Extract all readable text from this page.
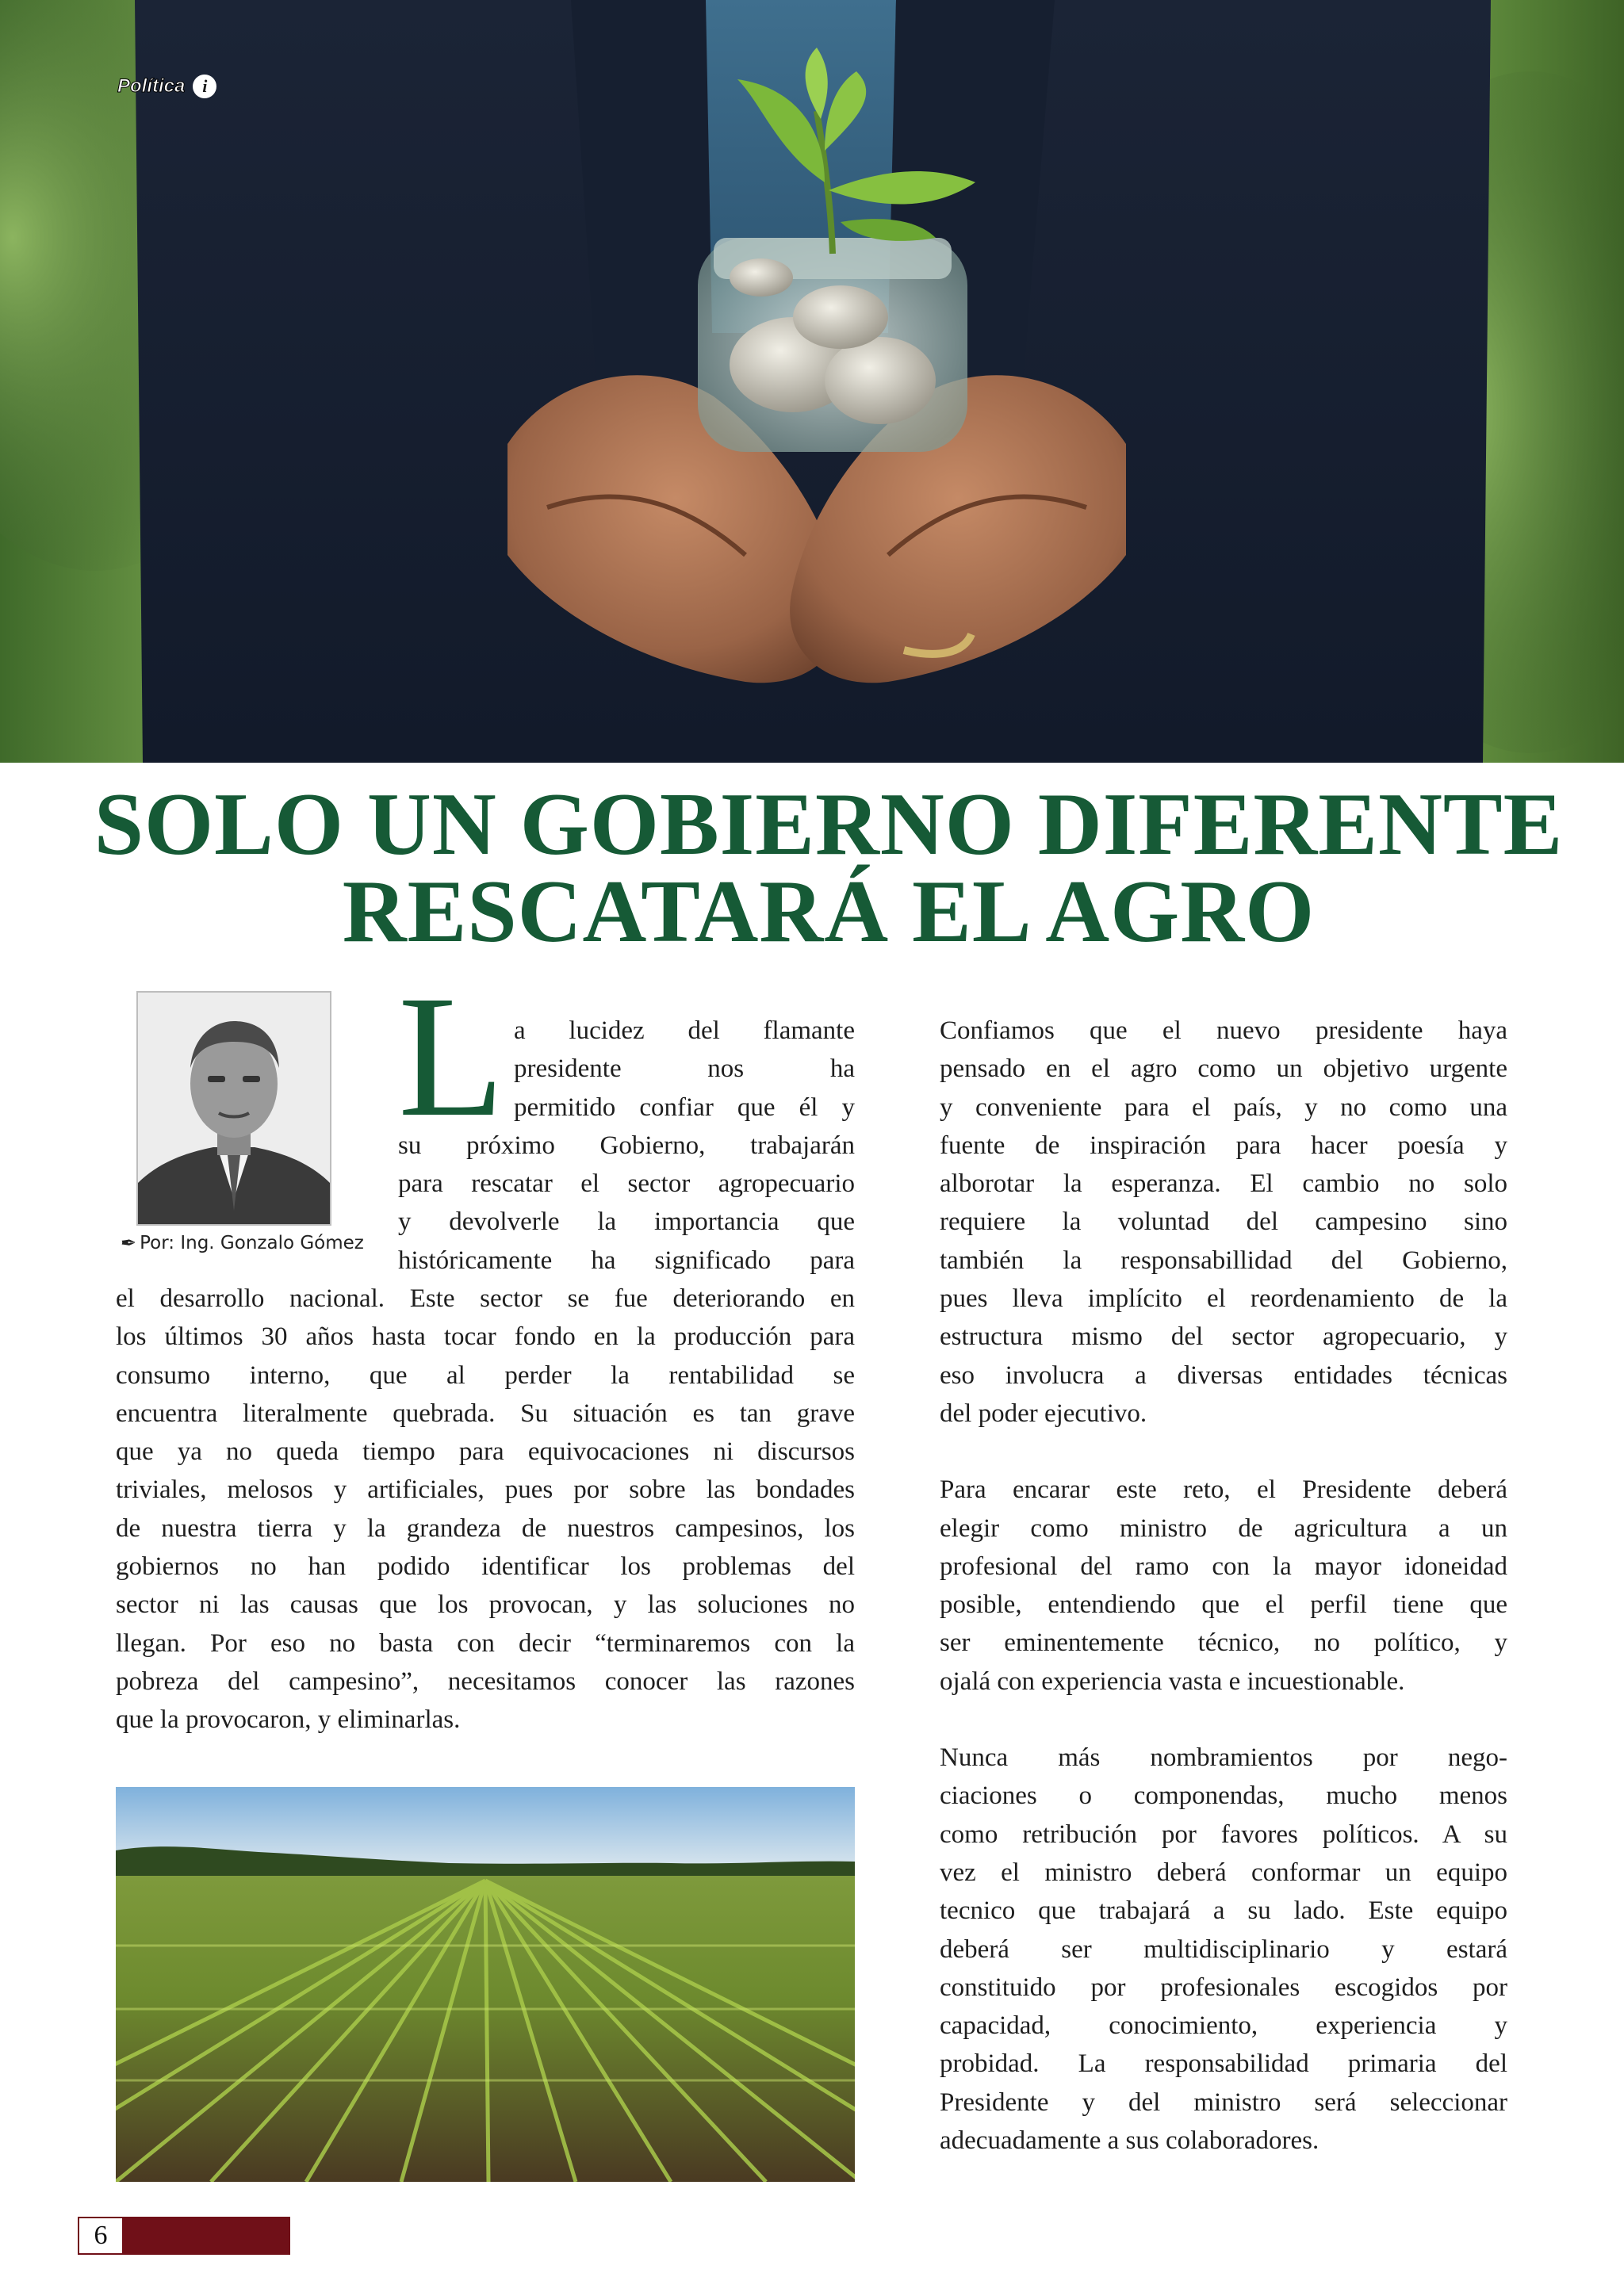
Política i
SOLO UN GOBIERNO DIFERENTE
RESCATARÁ EL AGRO
✒ Por: Ing. Gonzalo Gómez
L a lucidez del flamante
presidente nos ha
permitido confiar que él y
su próximo Gobierno, trabajarán
para rescatar el sector agropecuario
y devolverle la importancia que
históricamente ha significado para
el desarrollo nacional. Este sector se fue deteriorando en
los últimos 30 años hasta tocar fondo en la producción para
consumo interno, que al perder la rentabilidad se
encuentra literalmente quebrada. Su situación es tan grave
que ya no queda tiempo para equivocaciones ni discursos
triviales, melosos y artificiales, pues por sobre las bondades
de nuestra tierra y la grandeza de nuestros campesinos, los
gobiernos no han podido identificar los problemas del
sector ni las causas que los provocan, y las soluciones no
llegan. Por eso no basta con decir “terminaremos con la
pobreza del campesino”, necesitamos conocer las razones
que la provocaron, y eliminarlas.

Confiamos que el nuevo presidente haya
pensado en el agro como un objetivo urgente
y conveniente para el país, y no como una
fuente de inspiración para hacer poesía y
alborotar la esperanza. El cambio no solo
requiere la voluntad del campesino sino
también la responsabillidad del Gobierno,
pues lleva implícito el reordenamiento de la
estructura mismo del sector agropecuario, y
eso involucra a diversas entidades técnicas
del poder ejecutivo.

Para encarar este reto, el Presidente deberá
elegir como ministro de agricultura a un
profesional del ramo con la mayor idoneidad
posible, entendiendo que el perfil tiene que
ser eminentemente técnico, no político, y
ojalá con experiencia vasta e incuestionable.

Nunca más nombramientos por nego-
ciaciones o componendas, mucho menos
como retribución por favores políticos. A su
vez el ministro deberá conformar un equipo
tecnico que trabajará a su lado. Este equipo
deberá ser multidisciplinario y estará
constituido por profesionales escogidos por
capacidad, conocimiento, experiencia y
probidad. La responsabilidad primaria del
Presidente y del ministro será seleccionar
adecuadamente a sus colaboradores.

6
